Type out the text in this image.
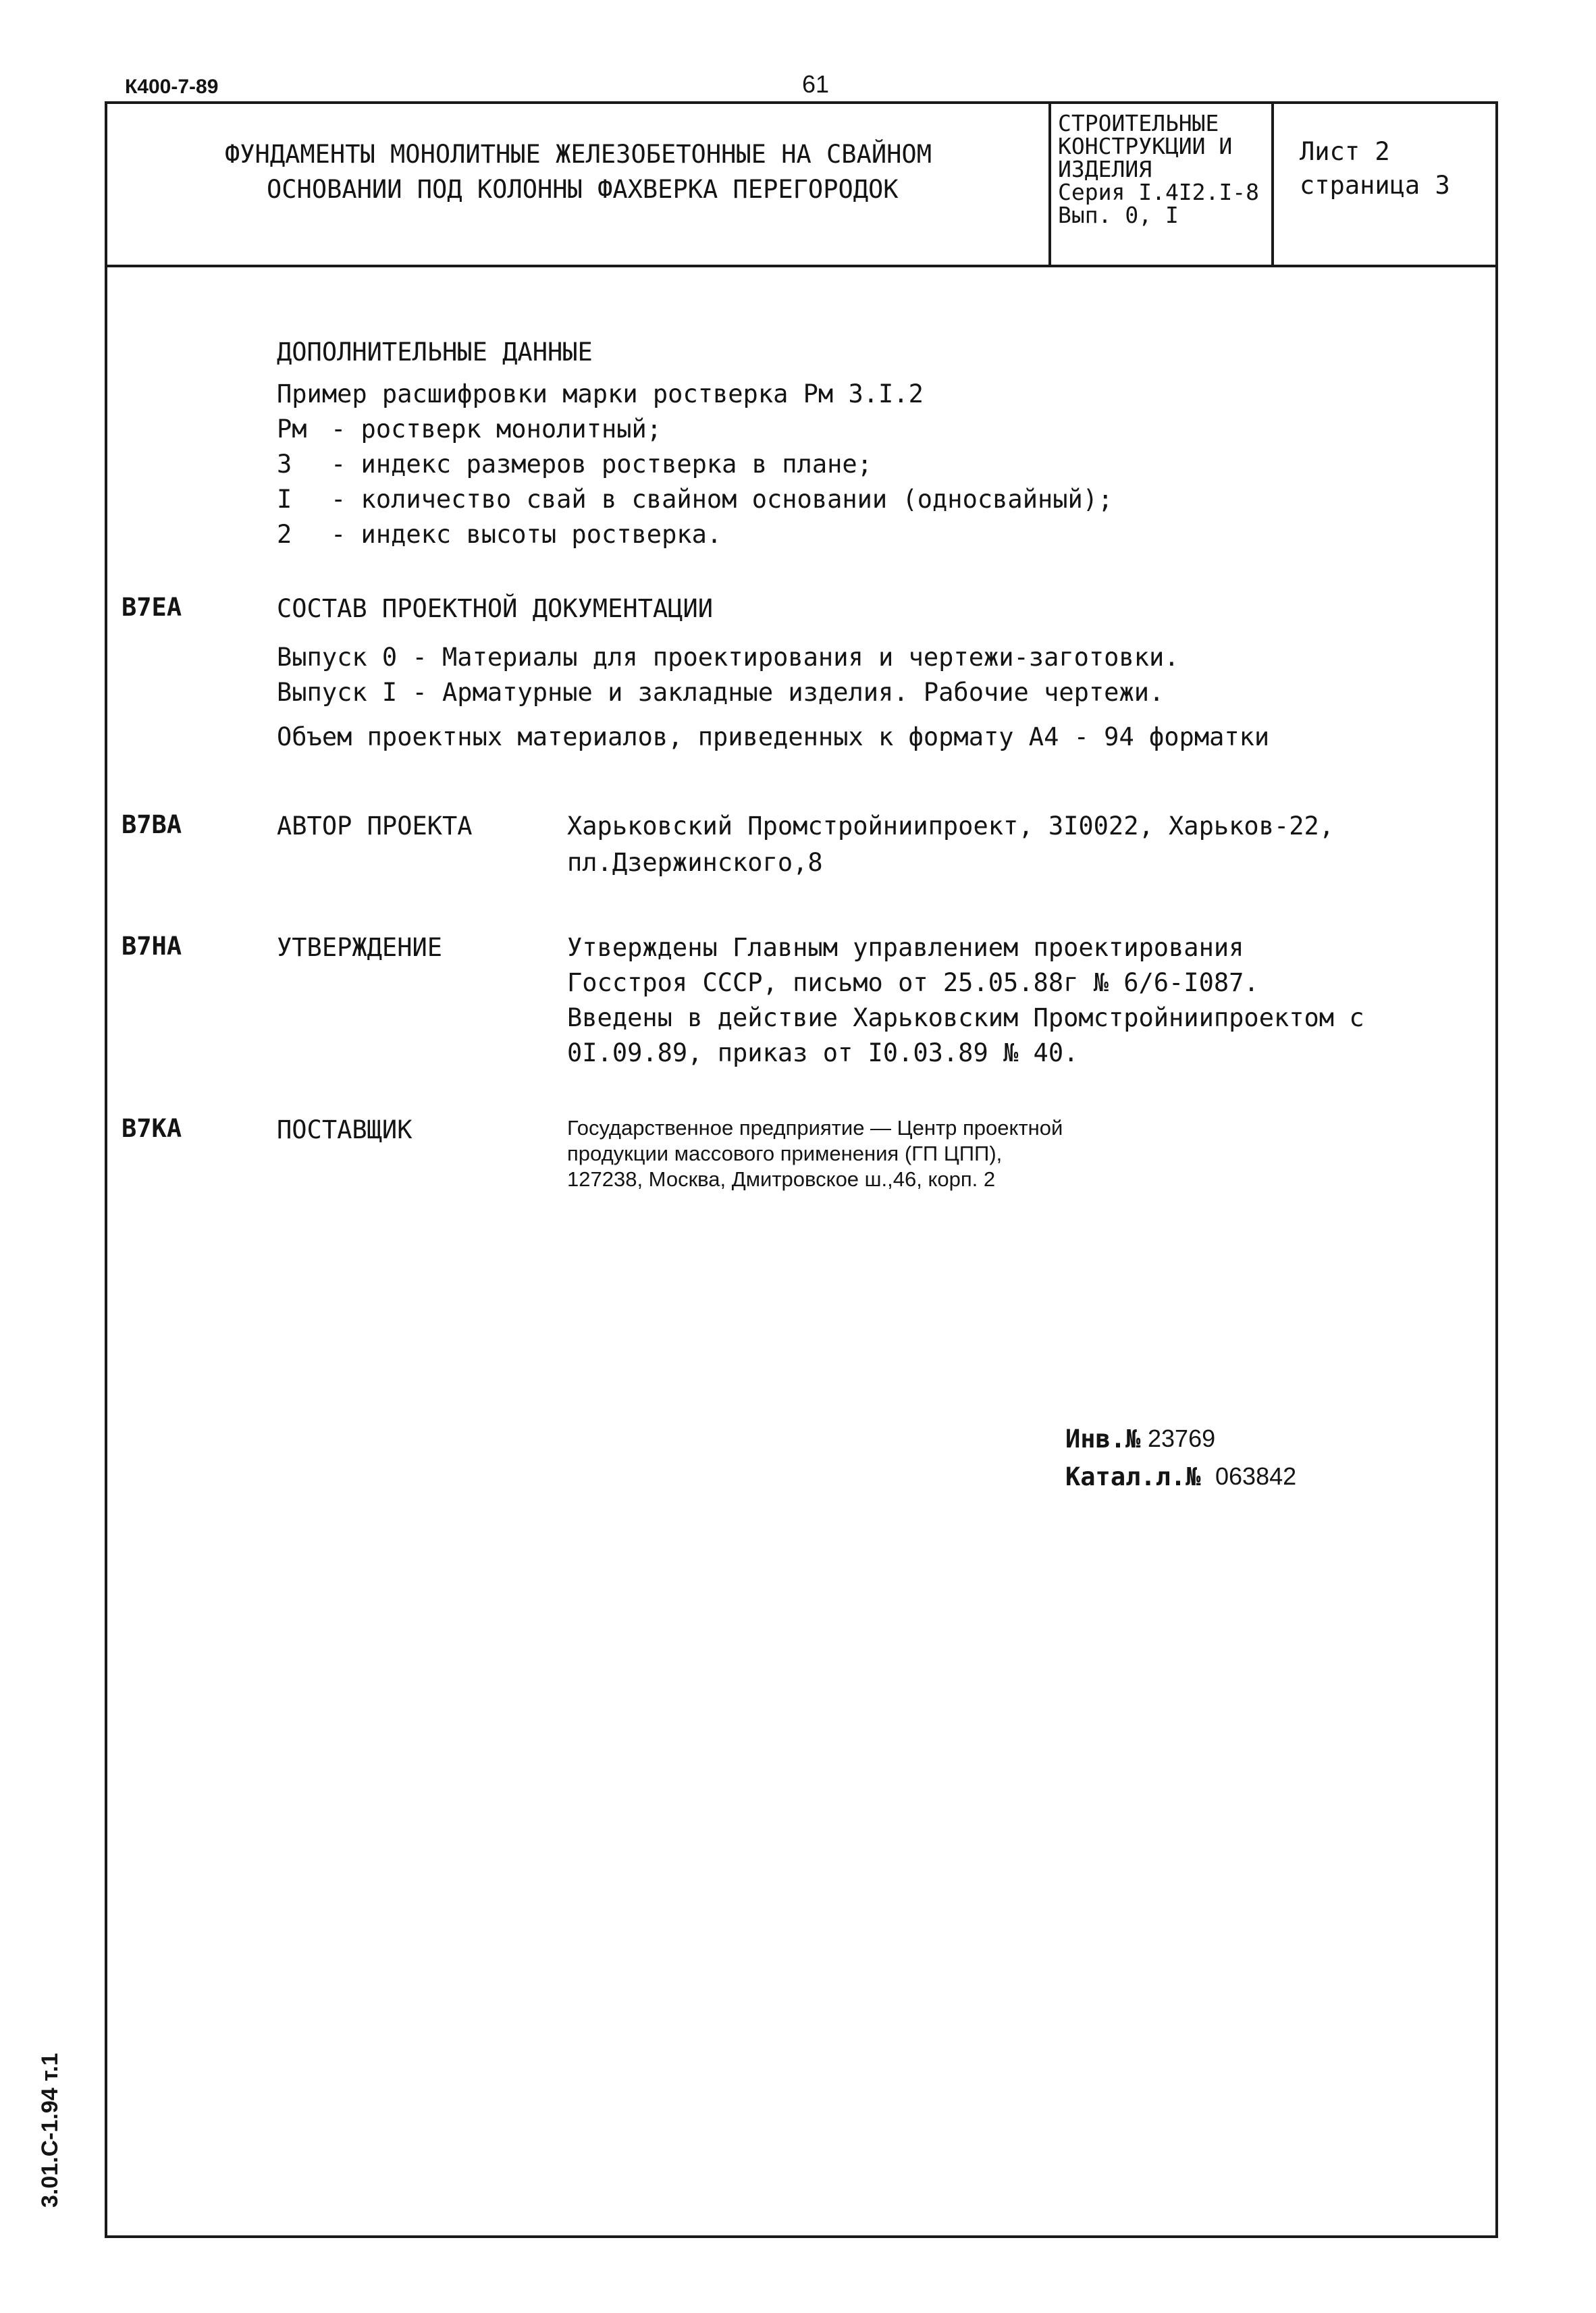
К400-7-89	61
ФУНДАМЕНТЫ МОНОЛИТНЫЕ ЖЕЛЕЗОБЕТОННЫЕ НА СВАЙНОМ
ОСНОВАНИИ ПОД КОЛОННЫ ФАХВЕРКА ПЕРЕГОРОДОК
СТРОИТЕЛЬНЫЕ
КОНСТРУКЦИИ И
ИЗДЕЛИЯ
Серия I.4I2.I-8
Вып. 0, I
Лист 2
страница 3
ДОПОЛНИТЕЛЬНЫЕ ДАННЫЕ
Пример расшифровки марки ростверка Рм 3.I.2
Рм - ростверк монолитный;
3 - индекс размеров ростверка в плане;
I - количество свай в свайном основании (односвайный);
2 - индекс высоты ростверка.
В7ЕА	СОСТАВ ПРОЕКТНОЙ ДОКУМЕНТАЦИИ
Выпуск 0 - Материалы для проектирования и чертежи-заготовки.
Выпуск I - Арматурные и закладные изделия. Рабочие чертежи.
Объем проектных материалов, приведенных к формату А4 - 94 форматки
В7ВА	АВТОР ПРОЕКТА	Харьковский Промстройниипроект, 3I0022, Харьков-22,
пл.Дзержинского,8
В7НА	УТВЕРЖДЕНИЕ	Утверждены Главным управлением проектирования
Госстроя СССР, письмо от 25.05.88г № 6/6-I087.
Введены в действие Харьковским Промстройниипроектом с
0I.09.89, приказ от I0.03.89 № 40.
В7КА	ПОСТАВЩИК	Государственное предприятие — Центр проектной
продукции массового применения (ГП ЦПП),
127238, Москва, Дмитровское ш.,46, корп. 2
Инв.№ 23769
Катал.л.№ 063842
3.01.С-1.94 т.1
